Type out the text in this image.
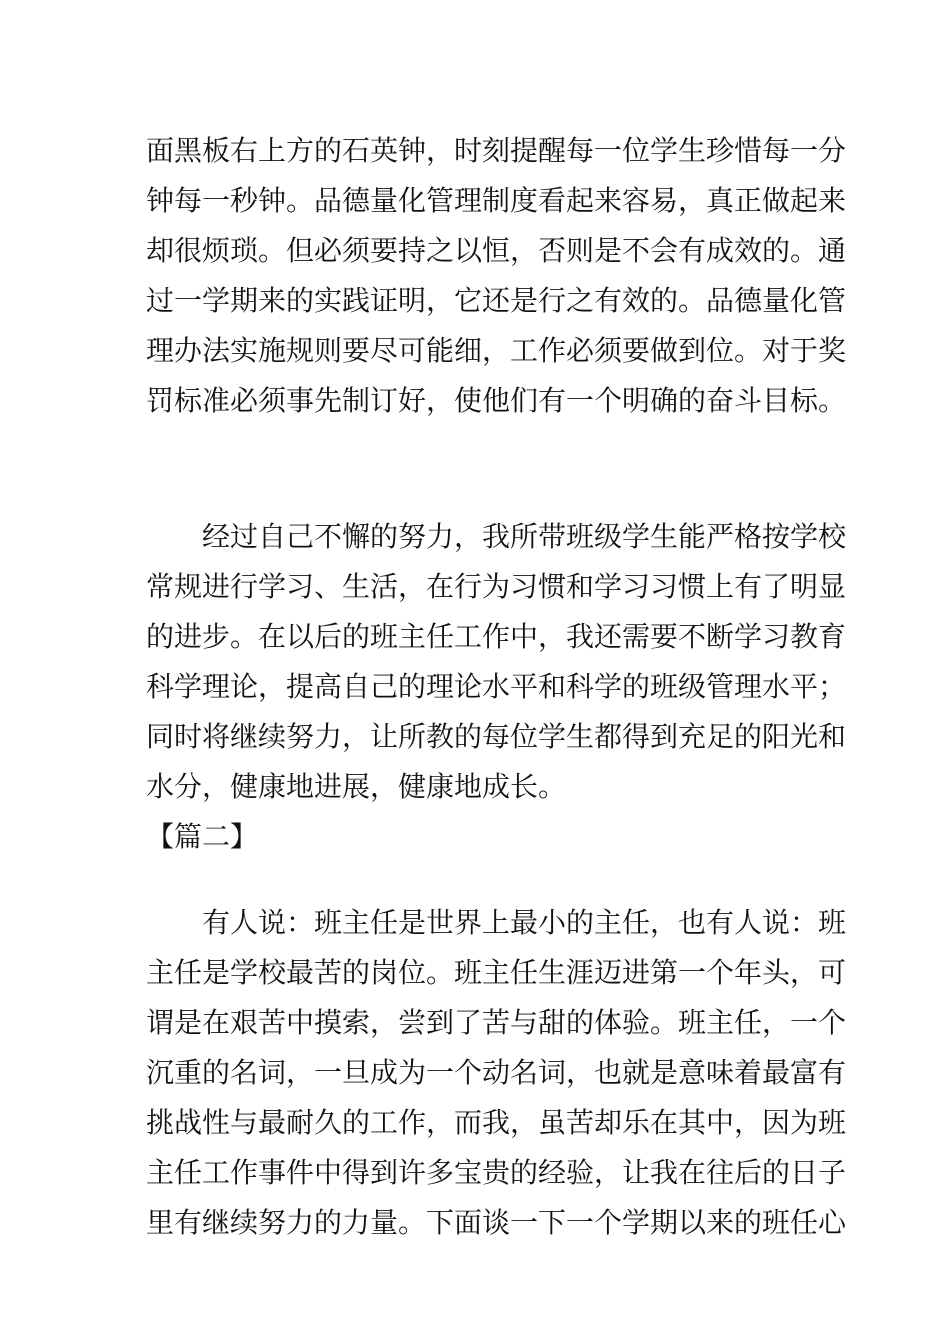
面黑板右上方的石英钟，时刻提醒每一位学生珍惜每一分
钟每一秒钟。品德量化管理制度看起来容易，真正做起来
却很烦琐。但必须要持之以恒，否则是不会有成效的。通
过一学期来的实践证明，它还是行之有效的。品德量化管
理办法实施规则要尽可能细，工作必须要做到位。对于奖
罚标准必须事先制订好，使他们有一个明确的奋斗目标。
经过自己不懈的努力，我所带班级学生能严格按学校
常规进行学习、生活，在行为习惯和学习习惯上有了明显
的进步。在以后的班主任工作中，我还需要不断学习教育
科学理论，提高自己的理论水平和科学的班级管理水平；
同时将继续努力，让所教的每位学生都得到充足的阳光和
水分，健康地进展，健康地成长。
【篇二】
有人说：班主任是世界上最小的主任，也有人说：班
主任是学校最苦的岗位。班主任生涯迈进第一个年头，可
谓是在艰苦中摸索，尝到了苦与甜的体验。班主任，一个
沉重的名词，一旦成为一个动名词，也就是意味着最富有
挑战性与最耐久的工作，而我，虽苦却乐在其中，因为班
主任工作事件中得到许多宝贵的经验，让我在往后的日子
里有继续努力的力量。下面谈一下一个学期以来的班任心
